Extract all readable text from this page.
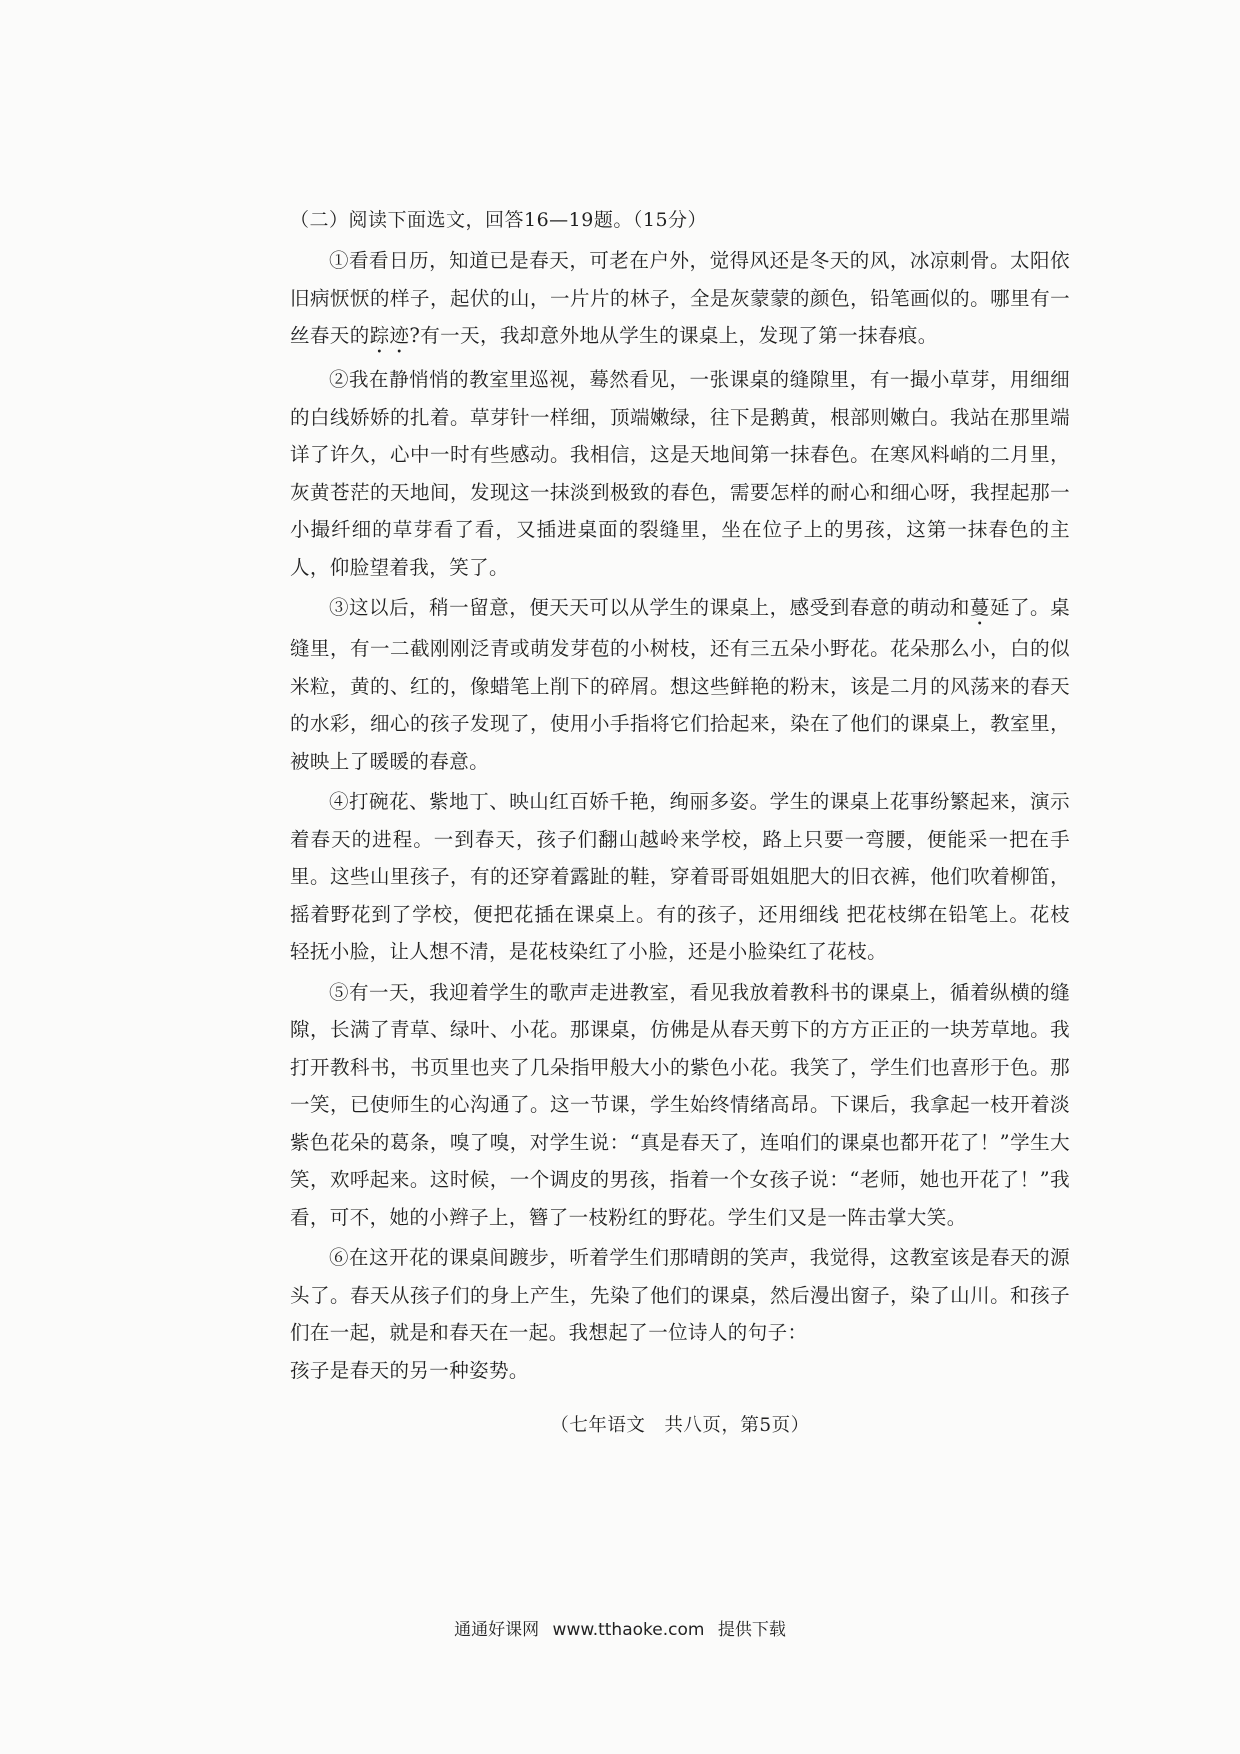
（二）阅读下面选文，回答16—19题。（15分）

①看看日历，知道已是春天，可老在户外，觉得风还是冬天的风，冰凉刺骨。太阳依旧病恹恹的样子，起伏的山，一片片的林子，全是灰蒙蒙的颜色，铅笔画似的。哪里有一丝春天的踪迹?有一天，我却意外地从学生的课桌上，发现了第一抹春痕。

②我在静悄悄的教室里巡视，蓦然看见，一张课桌的缝隙里，有一撮小草芽，用细细的白线娇娇的扎着。草芽针一样细，顶端嫩绿，往下是鹅黄，根部则嫩白。我站在那里端详了许久，心中一时有些感动。我相信，这是天地间第一抹春色。在寒风料峭的二月里，灰黄苍茫的天地间，发现这一抹淡到极致的春色，需要怎样的耐心和细心呀，我捏起那一小撮纤细的草芽看了看，又插进桌面的裂缝里，坐在位子上的男孩，这第一抹春色的主人，仰脸望着我，笑了。

③这以后，稍一留意，便天天可以从学生的课桌上，感受到春意的萌动和蔓延了。桌缝里，有一二截刚刚泛青或萌发芽苞的小树枝，还有三五朵小野花。花朵那么小，白的似米粒，黄的、红的，像蜡笔上削下的碎屑。想这些鲜艳的粉末，该是二月的风荡来的春天的水彩，细心的孩子发现了，使用小手指将它们拾起来，染在了他们的课桌上，教室里，被映上了暖暖的春意。

④打碗花、紫地丁、映山红百娇千艳，绚丽多姿。学生的课桌上花事纷繁起来，演示着春天的进程。一到春天，孩子们翻山越岭来学校，路上只要一弯腰，便能采一把在手里。这些山里孩子，有的还穿着露趾的鞋，穿着哥哥姐姐肥大的旧衣裤，他们吹着柳笛，摇着野花到了学校，便把花插在课桌上。有的孩子，还用细线 把花枝绑在铅笔上。花枝轻抚小脸，让人想不清，是花枝染红了小脸，还是小脸染红了花枝。

⑤有一天，我迎着学生的歌声走进教室，看见我放着教科书的课桌上，循着纵横的缝隙，长满了青草、绿叶、小花。那课桌，仿佛是从春天剪下的方方正正的一块芳草地。我打开教科书，书页里也夹了几朵指甲般大小的紫色小花。我笑了，学生们也喜形于色。那一笑，已使师生的心沟通了。这一节课，学生始终情绪高昂。下课后，我拿起一枝开着淡紫色花朵的葛条，嗅了嗅，对学生说：“真是春天了，连咱们的课桌也都开花了！”学生大笑，欢呼起来。这时候，一个调皮的男孩，指着一个女孩子说：“老师，她也开花了！”我看，可不，她的小辫子上，簪了一枝粉红的野花。学生们又是一阵击掌大笑。

⑥在这开花的课桌间踱步，听着学生们那晴朗的笑声，我觉得，这教室该是春天的源头了。春天从孩子们的身上产生，先染了他们的课桌，然后漫出窗子，染了山川。和孩子们在一起，就是和春天在一起。我想起了一位诗人的句子：
孩子是春天的另一种姿势。

（七年语文　共八页，第5页）
通通好课网 www.tthaoke.com 提供下载
